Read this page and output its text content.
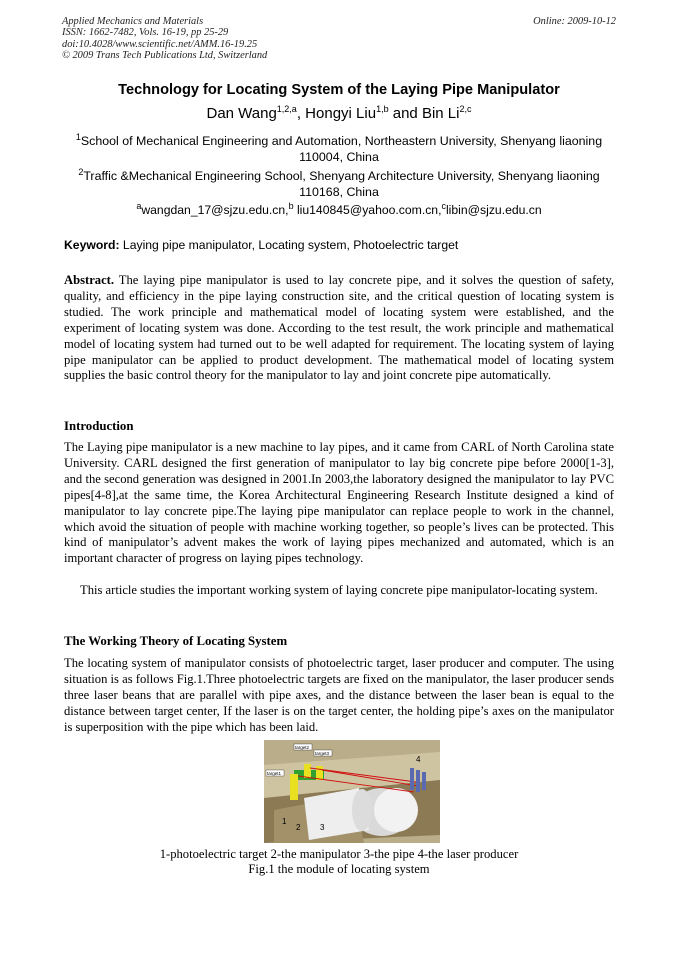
Applied Mechanics and Materials
ISSN: 1662-7482, Vols. 16-19, pp 25-29
doi:10.4028/www.scientific.net/AMM.16-19.25
© 2009 Trans Tech Publications Ltd, Switzerland
Online: 2009-10-12
Technology for Locating System of the Laying Pipe Manipulator
Dan Wang$^{1,2,a}$, Hongyi Liu$^{1,b}$ and Bin Li$^{2,c}$
$^1$School of Mechanical Engineering and Automation, Northeastern University, Shenyang liaoning 110004, China
$^2$Traffic &Mechanical Engineering School, Shenyang Architecture University, Shenyang liaoning 110168, China
$^a$wangdan_17@sjzu.edu.cn,$^b$ liu140845@yahoo.com.cn,$^c$libin@sjzu.edu.cn
Keyword: Laying pipe manipulator, Locating system, Photoelectric target
Abstract. The laying pipe manipulator is used to lay concrete pipe, and it solves the question of safety, quality, and efficiency in the pipe laying construction site, and the critical question of locating system is studied. The work principle and mathematical model of locating system were established, and the experiment of locating system was done. According to the test result, the work principle and mathematical model of locating system had turned out to be well adapted for requirement. The locating system of laying pipe manipulator can be applied to product development. The mathematical model of locating system supplies the basic control theory for the manipulator to lay and joint concrete pipe automatically.
Introduction
The Laying pipe manipulator is a new machine to lay pipes, and it came from CARL of North Carolina state University. CARL designed the first generation of manipulator to lay big concrete pipe before 2000[1-3], and the second generation was designed in 2001.In 2003,the laboratory designed the manipulator to lay PVC pipes[4-8],at the same time, the Korea Architectural Engineering Research Institute designed a kind of manipulator to lay concrete pipe.The laying pipe manipulator can replace people to work in the channel, which avoid the situation of people with machine working together, so people’s lives can be protected. This kind of manipulator’s advent makes the work of laying pipes mechanized and automated, which is an important character of progress on laying pipes technology.
This article studies the important working system of laying concrete pipe manipulator-locating system.
The Working Theory of Locating System
The locating system of manipulator consists of photoelectric target, laser producer and computer. The using situation is as follows Fig.1.Three photoelectric targets are fixed on the manipulator, the laser producer sends three laser beans that are parallel with pipe axes, and the distance between the laser bean is equal to the distance between target center, If the laser is on the target center, the holding pipe’s axes on the manipulator is superposition with the pipe which has been laid.
target1
target2
target3
1
2 3
4
1-photoelectric target 2-the manipulator 3-the pipe 4-the laser producer
Fig.1 the module of locating system
